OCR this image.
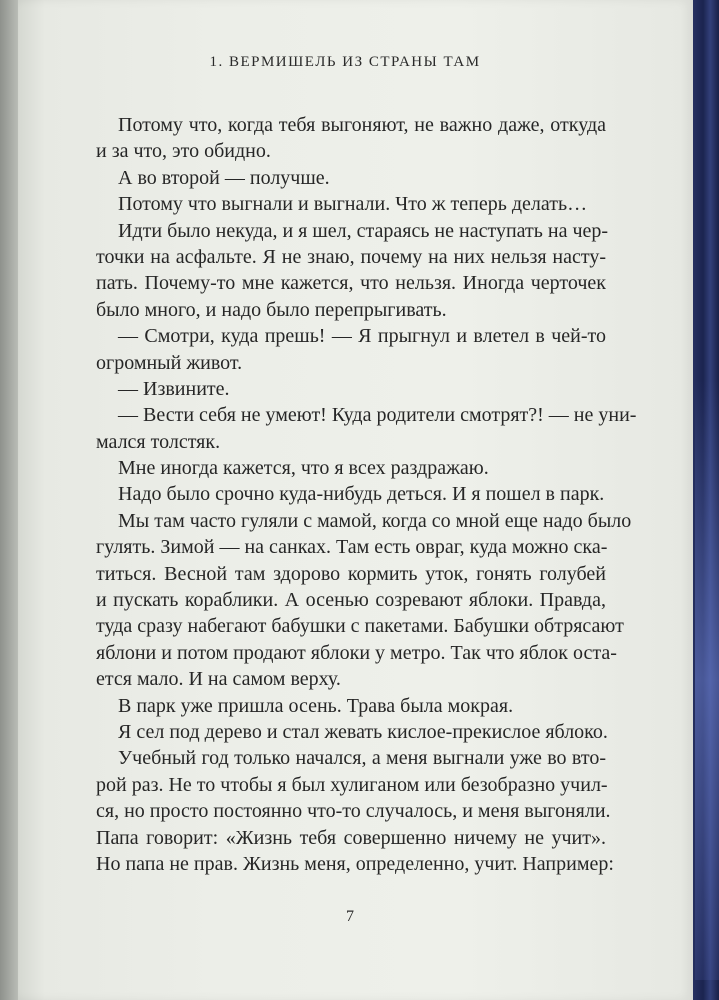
1. ВЕРМИШЕЛЬ ИЗ СТРАНЫ ТАМ
Потому что, когда тебя выгоняют, не важно даже, откуда
и за что, это обидно.
А во второй — получше.
Потому что выгнали и выгнали. Что ж теперь делать…
Идти было некуда, и я шел, стараясь не наступать на чер-
точки на асфальте. Я не знаю, почему на них нельзя насту-
пать. Почему-то мне кажется, что нельзя. Иногда черточек
было много, и надо было перепрыгивать.
— Смотри, куда прешь! — Я прыгнул и влетел в чей-то
огромный живот.
— Извините.
— Вести себя не умеют! Куда родители смотрят?! — не уни-
мался толстяк.
Мне иногда кажется, что я всех раздражаю.
Надо было срочно куда-нибудь деться. И я пошел в парк.
Мы там часто гуляли с мамой, когда со мной еще надо было
гулять. Зимой — на санках. Там есть овраг, куда можно ска-
титься. Весной там здорово кормить уток, гонять голубей
и пускать кораблики. А осенью созревают яблоки. Правда,
туда сразу набегают бабушки с пакетами. Бабушки обтрясают
яблони и потом продают яблоки у метро. Так что яблок оста-
ется мало. И на самом верху.
В парк уже пришла осень. Трава была мокрая.
Я сел под дерево и стал жевать кислое-прекислое яблоко.
Учебный год только начался, а меня выгнали уже во вто-
рой раз. Не то чтобы я был хулиганом или безобразно учил-
ся, но просто постоянно что-то случалось, и меня выгоняли.
Папа говорит: «Жизнь тебя совершенно ничему не учит».
Но папа не прав. Жизнь меня, определенно, учит. Например:
7
